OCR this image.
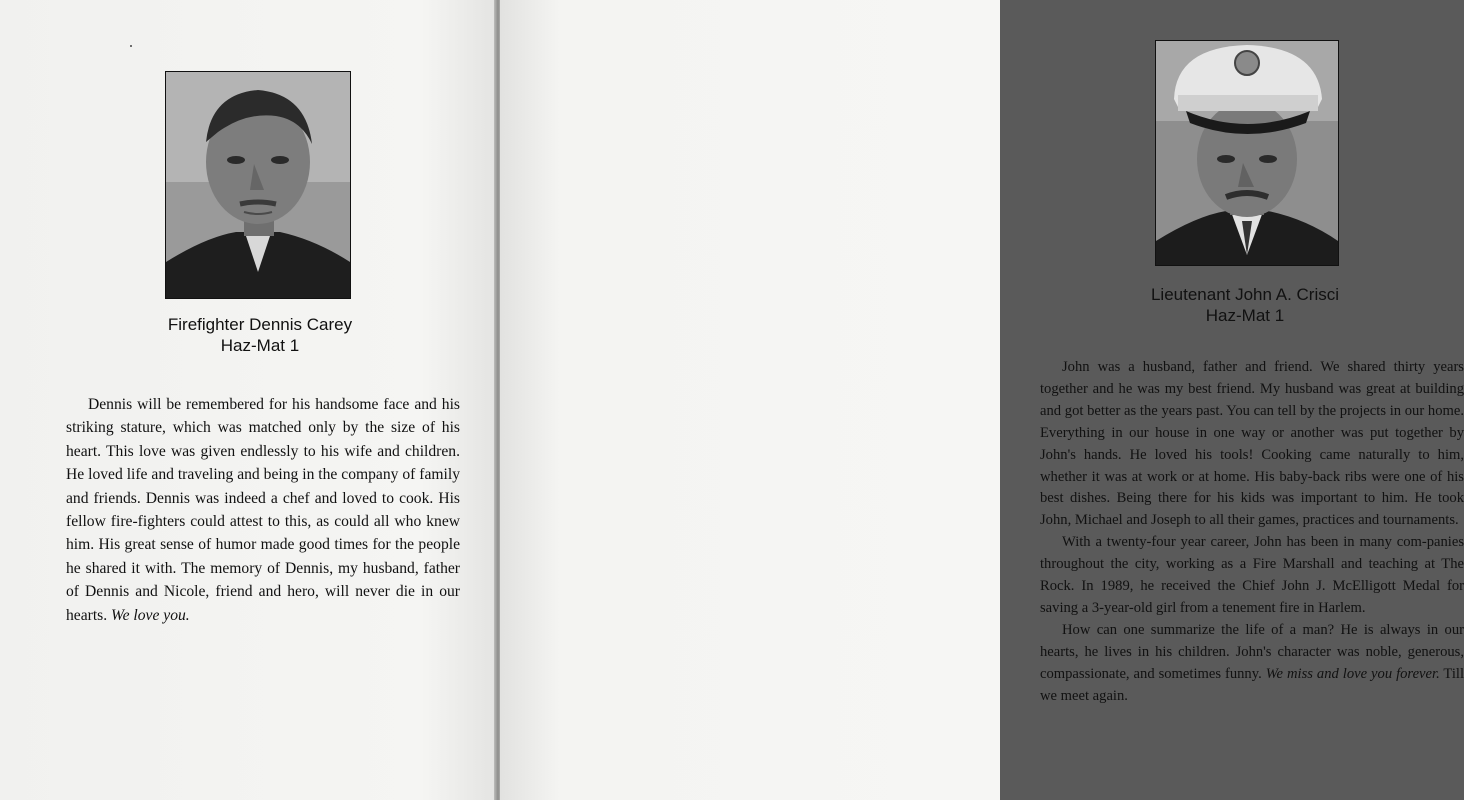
Firefighter Dennis Carey
Haz-Mat 1

Dennis will be remembered for his handsome face and his striking stature, which was matched only by the size of his heart. This love was given endlessly to his wife and children. He loved life and traveling and being in the company of family and friends. Dennis was indeed a chef and loved to cook. His fellow fire-fighters could attest to this, as could all who knew him. His great sense of humor made good times for the people he shared it with. The memory of Dennis, my husband, father of Dennis and Nicole, friend and hero, will never die in our hearts. We love you.

Lieutenant John A. Crisci
Haz-Mat 1

John was a husband, father and friend. We shared thirty years together and he was my best friend. My husband was great at building and got better as the years past. You can tell by the projects in our home. Everything in our house in one way or another was put together by John's hands. He loved his tools! Cooking came naturally to him, whether it was at work or at home. His baby-back ribs were one of his best dishes. Being there for his kids was important to him. He took John, Michael and Joseph to all their games, practices and tournaments.

With a twenty-four year career, John has been in many com-panies throughout the city, working as a Fire Marshall and teaching at The Rock. In 1989, he received the Chief John J. McElligott Medal for saving a 3-year-old girl from a tenement fire in Harlem.

How can one summarize the life of a man? He is always in our hearts, he lives in his children. John's character was noble, generous, compassionate, and sometimes funny. We miss and love you forever. Till we meet again.
